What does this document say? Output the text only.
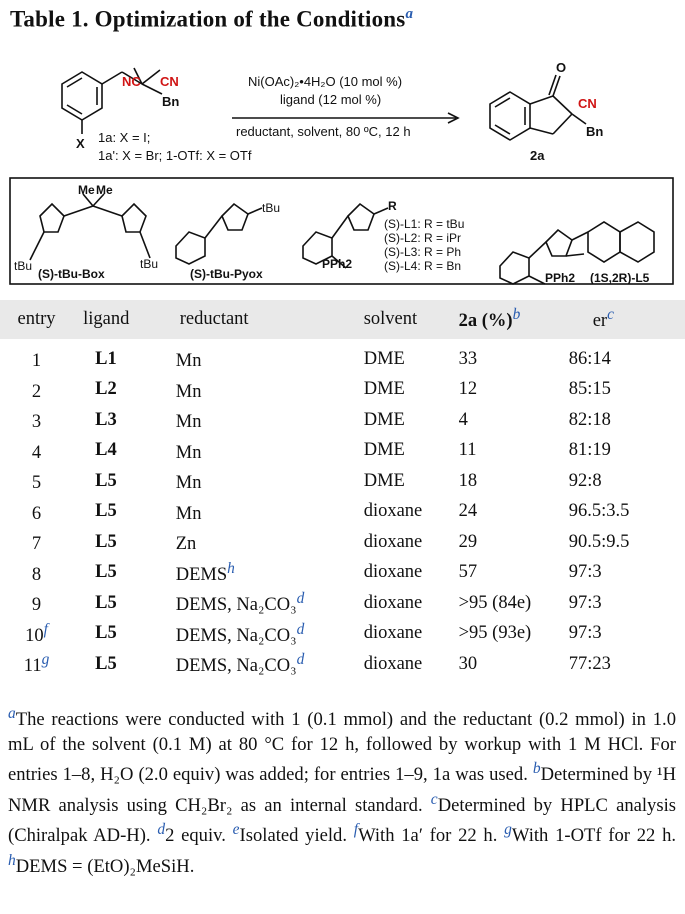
Table 1. Optimization of the Conditions$^a$
NC CN
Bn
X 1a: X = I;
1a': X = Br; 1-OTf: X = OTf
Ni(OAc)₂•4H₂O (10 mol %)
ligand (12 mol %)
reductant, solvent, 80 ºC, 12 h
O
CN
Bn
2a
Me Me
tBu	tBu
(S)-tBu-Box
tBu
(S)-tBu-Pyox
R
(S)-L1: R = tBu
(S)-L2: R = iPr
(S)-L3: R = Ph
(S)-L4: R = Bn
PPh2
PPh2 (1S,2R)-L5
entry	ligand	reductant	solvent	2a (%)$^b$	$er^c$
1	L1	Mn	DME	33	86:14
2	L2	Mn	DME	12	85:15
3	L3	Mn	DME	4	82:18
4	L4	Mn	DME	11	81:19
5	L5	Mn	DME	18	92:8
6	L5	Mn	dioxane	24	96.5:3.5
7	L5	Zn	dioxane	29	90.5:9.5
8	L5	DEMS$^h$	dioxane	57	97:3
9	L5	DEMS, Na₂CO₃$^d$	dioxane	>95 (84e)	97:3
10$^f$	L5	DEMS, Na₂CO₃$^d$	dioxane	>95 (93e)	97:3
11$^g$	L5	DEMS, Na₂CO₃$^d$	dioxane	30	77:23
$^a$The reactions were conducted with 1 (0.1 mmol) and the reductant (0.2 mmol) in 1.0 mL of the solvent (0.1 M) at 80 °C for 12 h, followed by workup with 1 M HCl. For entries 1–8, H₂O (2.0 equiv) was added; for entries 1–9, 1a was used. $^b$Determined by ¹H NMR analysis using CH₂Br₂ as an internal standard. $^c$Determined by HPLC analysis (Chiralpak AD-H). $^d$2 equiv. $^e$Isolated yield. $^f$With 1a′ for 22 h. $^g$With 1-OTf for 22 h. $^h$DEMS = (EtO)₂MeSiH.
